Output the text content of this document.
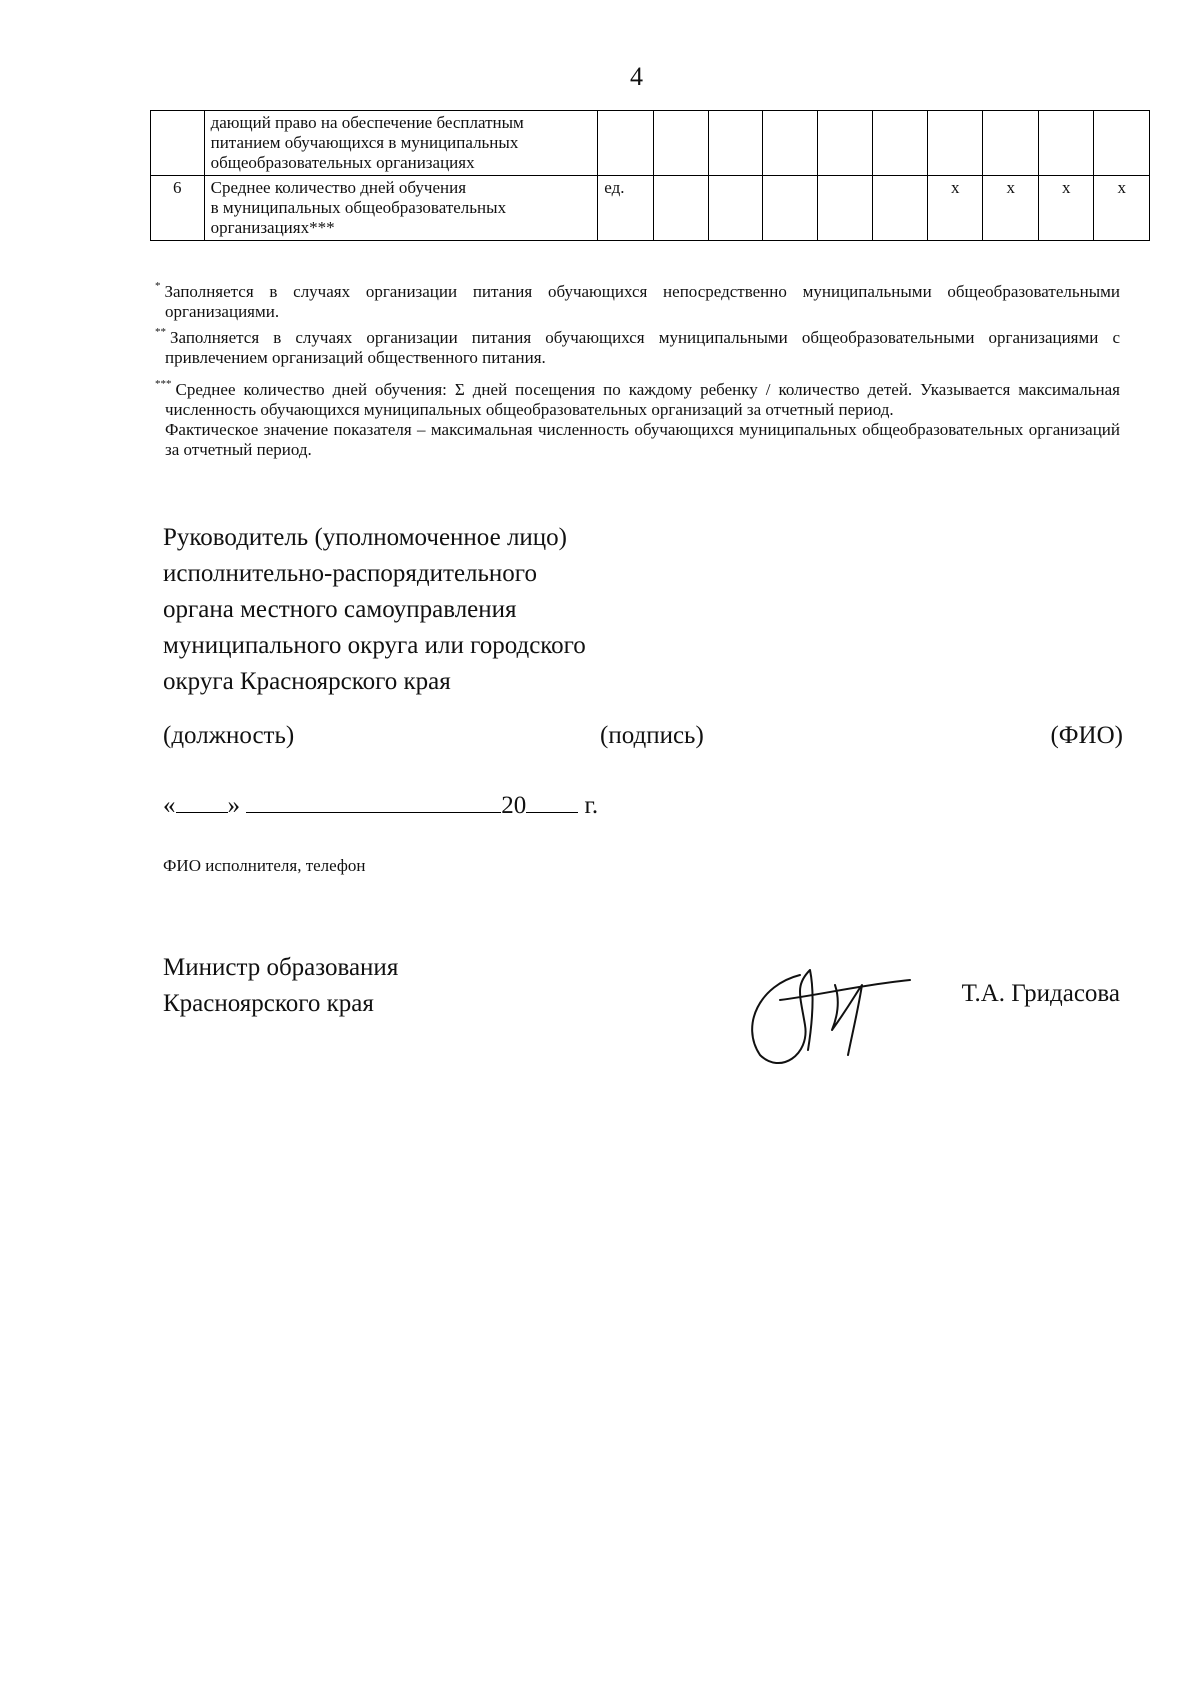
4

	дающий право на обеспечение бесплатным
питанием обучающихся в муниципальных
общеобразовательных организациях										

6	Среднее количество дней обучения
в муниципальных общеобразовательных
организациях***	ед.						x	x	x	x

* Заполняется в случаях организации питания обучающихся непосредственно муниципальными общеобразовательными организациями.

** Заполняется в случаях организации питания обучающихся муниципальными общеобразовательными организациями с привлечением организаций общественного питания.

*** Среднее количество дней обучения: Σ дней посещения по каждому ребенку / количество детей. Указывается максимальная численность обучающихся муниципальных общеобразовательных организаций за отчетный период.

Фактическое значение показателя – максимальная численность обучающихся муниципальных общеобразовательных организаций за отчетный период.

Руководитель (уполномоченное лицо)
исполнительно-распорядительного
органа местного самоуправления
муниципального округа или городского
округа Красноярского края
(должность)	(подпись)	(ФИО)
« »	20 г.
ФИО исполнителя, телефон
Министр образования
Красноярского края	Т.А. Гридасова
